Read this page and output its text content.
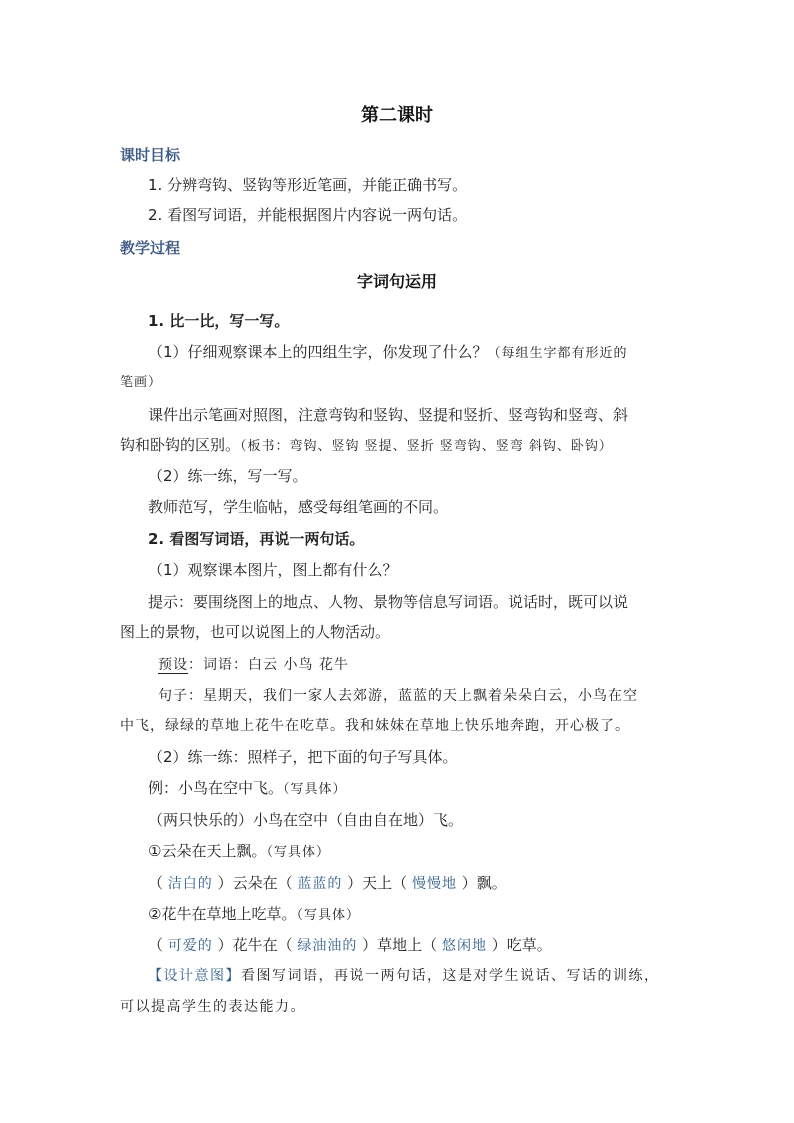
第二课时
课时目标
1. 分辨弯钩、竖钩等形近笔画，并能正确书写。
2. 看图写词语，并能根据图片内容说一两句话。
教学过程
字词句运用
1. 比一比，写一写。
（1）仔细观察课本上的四组生字，你发现了什么？（每组生字都有形近的
笔画）
课件出示笔画对照图，注意弯钩和竖钩、竖提和竖折、竖弯钩和竖弯、斜
钩和卧钩的区别。（板书：弯钩、竖钩 竖提、竖折 竖弯钩、竖弯 斜钩、卧钩）
（2）练一练，写一写。
教师范写，学生临帖，感受每组笔画的不同。
2. 看图写词语，再说一两句话。
（1）观察课本图片，图上都有什么？
提示：要围绕图上的地点、人物、景物等信息写词语。说话时，既可以说
图上的景物，也可以说图上的人物活动。
预设：词语：白云 小鸟 花牛
句子：星期天，我们一家人去郊游，蓝蓝的天上飘着朵朵白云，小鸟在空
中飞，绿绿的草地上花牛在吃草。我和妹妹在草地上快乐地奔跑，开心极了。
（2）练一练：照样子，把下面的句子写具体。
例：小鸟在空中飞。（写具体）
（两只快乐的）小鸟在空中（自由自在地）飞。
①云朵在天上飘。（写具体）
（ 洁白的 ）云朵在（ 蓝蓝的 ）天上（ 慢慢地 ）飘。
②花牛在草地上吃草。（写具体）
（ 可爱的 ）花牛在（ 绿油油的 ）草地上（ 悠闲地 ）吃草。
【设计意图】看图写词语，再说一两句话，这是对学生说话、写话的训练，
可以提高学生的表达能力。
